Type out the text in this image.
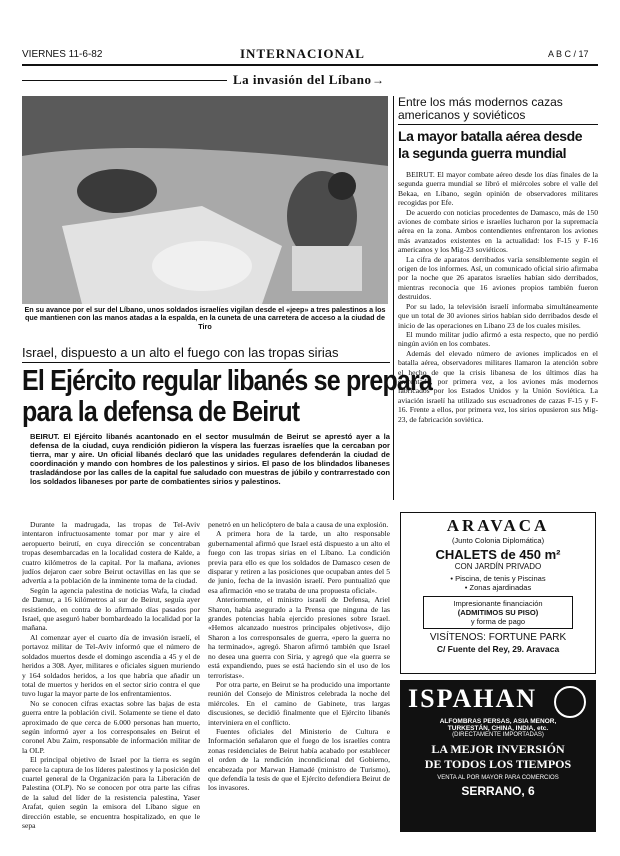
VIERNES 11-6-82	INTERNACIONAL	A B C / 17
La invasión del Líbano →
En su avance por el sur del Líbano, unos soldados israelíes vigilan desde el «jeep» a tres palestinos a los que mantienen con las manos atadas a la espalda, en la cuneta de una carretera de acceso a la ciudad de Tiro
Israel, dispuesto a un alto el fuego con las tropas sirias
El Ejército regular libanés se prepara
para la defensa de Beirut
BEIRUT. El Ejército libanés acantonado en el sector musulmán de Beirut se aprestó ayer a la defensa de la ciudad, cuya rendición pidieron la víspera las fuerzas israelíes que la cercaban por tierra, mar y aire. Un oficial libanés declaró que las unidades regulares defenderán la ciudad de coordinación y mando con hombres de los palestinos y sirios. El paso de los blindados libaneses trasladándose por las calles de la capital fue saludado con muestras de júbilo y contrarrestado con los soldados libaneses por parte de combatientes sirios y palestinos.

Durante la madrugada, las tropas de Tel-Aviv intentaron infructuosamente tomar por mar y aire el aeropuerto beirutí, en cuya dirección se concentraban tropas desembarcadas en la localidad costera de Kalde, a cuatro kilómetros de la capital. Por la mañana, aviones judíos dejaron caer sobre Beirut octavillas en las que se advertía a la población de la inminente toma de la ciudad.

Según la agencia palestina de noticias Wafa, la ciudad de Damur, a 16 kilómetros al sur de Beirut, seguía ayer resistiendo, en contra de lo afirmado días pasados por Israel, que aseguró haber bombardeado la localidad por la mañana.

Al comenzar ayer el cuarto día de invasión israelí, el portavoz militar de Tel-Aviv informó que el número de soldados muertos desde el domingo ascendía a 45 y el de heridos a 308. Ayer, militares e oficiales siguen muriendo y 164 soldados heridos, a los que habría que añadir un total de muertos y heridos en el sector sirio contra el que tuvo lugar la mayor parte de los enfrentamientos.

No se conocen cifras exactas sobre las bajas de esta guerra entre la población civil. Solamente se tiene el dato aproximado de que cerca de 6.000 personas han muerto, según informó ayer a los corresponsales en Beirut el coronel Abu Zaim, responsable de información militar de la OLP.

El principal objetivo de Israel por la tierra es según parece la captura de los líderes palestinos y la posición del cuartel general de la Organización para la Liberación de Palestina (OLP). No se conocen por otra parte las cifras de la salud del líder de la resistencia palestina, Yaser Arafat, quien según la emisora del Líbano sigue en dirección estable, se encuentra hospitalizado, en que le sepa

penetró en un helicóptero de bala a causa de una explosión.

A primera hora de la tarde, un alto responsable gubernamental afirmó que Israel está dispuesto a un alto el fuego con las tropas sirias en el Líbano. La condición previa para ello es que los soldados de Damasco cesen de disparar y retiren a las posiciones que ocupaban antes del 5 de junio, fecha de la invasión israelí. Pero puntualizó que esa afirmación «no se trataba de una propuesta oficial».

Anteriormente, el ministro israelí de Defensa, Ariel Sharon, había asegurado a la Prensa que ninguna de las grandes potencias había ejercido presiones sobre Israel. «Hemos alcanzado nuestros principales objetivos», dijo Sharon a los corresponsales de guerra, «pero la guerra no ha terminado», agregó. Sharon afirmó también que Israel no desea una guerra con Siria, y agregó que «la guerra se está expandiendo, pues se está haciendo sin el uso de los terroristas».

Por otra parte, en Beirut se ha producido una importante reunión del Consejo de Ministros celebrada la noche del miércoles. En el camino de Gabinete, tras largas discusiones, se decidió finalmente que el Ejército libanés interviniera en el conflicto.

Fuentes oficiales del Ministerio de Cultura e Información señalaron que el fuego de los israelíes contra zonas residenciales de Beirut había acabado por establecer el orden de la rendición incondicional del Gobierno, encabezada por Marwan Hamadé (ministro de Turismo), que defendía la tesis de que el Ejército defendiera Beirut de los invasores.

Entre los más modernos cazas americanos y soviéticos
La mayor batalla aérea desde
la segunda guerra mundial

BEIRUT. El mayor combate aéreo desde los días finales de la segunda guerra mundial se libró el miércoles sobre el valle del Bekaa, en Líbano, según opinión de observadores militares recogidas por Efe.

De acuerdo con noticias procedentes de Damasco, más de 150 aviones de combate sirios e israelíes lucharon por la supremacía aérea en la zona. Ambos contendientes enfrentaron los aviones más avanzados existentes en la actualidad: los F-15 y F-16 americanos y los Mig-23 soviéticos.

La cifra de aparatos derribados varía sensiblemente según el origen de los informes. Así, un comunicado oficial sirio afirmaba por la noche que 26 aparatos israelíes habían sido derribados, mientras reconocía que 16 aviones propios también fueron destruidos.

Por su lado, la televisión israelí informaba simultáneamente que un total de 30 aviones sirios habían sido derribados desde el inicio de las operaciones en Líbano 23 de los cuales misiles.

El mundo militar judío afirmó a esta respecto, que no perdió ningún avión en los combates.

Además del elevado número de aviones implicados en el batalla aérea, observadores militares llamaron la atención sobre el hecho de que la crisis libanesa de los últimos días ha enfrentado, por primera vez, a los aviones más modernos fabricados por los Estados Unidos y la Unión Soviética. La aviación israelí ha utilizado sus escuadrones de cazas F-15 y F-16. Frente a ellos, por primera vez, los sirios opusieron sus Mig-23, de fabricación soviética.

ARAVACA
(Junto Colonia Diplomática)
CHALETS de 450 m²
CON JARDÍN PRIVADO
• Piscina, de tenis y Piscinas
• Zonas ajardinadas
Impresionante financiación
(ADMITIMOS SU PISO)
y forma de pago
VISÍTENOS: FORTUNE PARK
C/ Fuente del Rey, 29. Aravaca
ISPAHAN
ALFOMBRAS PERSAS, ASIA MENOR,
TURKESTÁN, CHINA, INDIA, etc.
(DIRECTAMENTE IMPORTADAS)
LA MEJOR INVERSIÓN
DE TODOS LOS TIEMPOS
VENTA AL POR MAYOR PARA COMERCIOS
SERRANO, 6
